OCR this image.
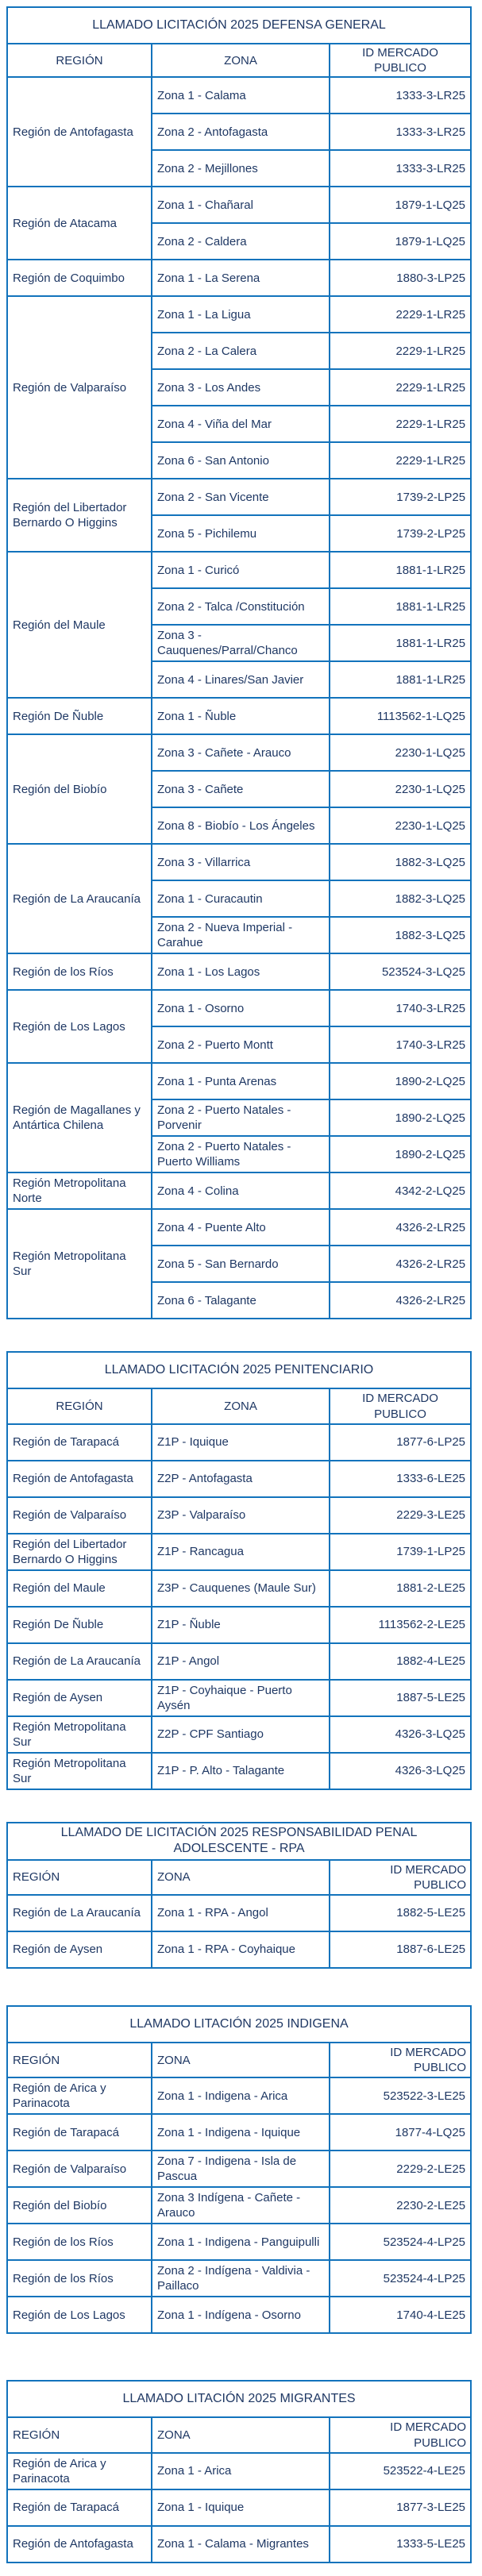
LLAMADO LICITACIÓN 2025 DEFENSA GENERAL		
REGIÓN	ZONA	ID MERCADO PUBLICO
Región de Antofagasta	Zona 1 - Calama	1333-3-LR25
	Zona 2 - Antofagasta	1333-3-LR25
	Zona 2 - Mejillones	1333-3-LR25
Región de Atacama	Zona 1 - Chañaral	1879-1-LQ25
	Zona 2 - Caldera	1879-1-LQ25
Región de Coquimbo	Zona 1 - La Serena	1880-3-LP25
Región de Valparaíso	Zona 1 - La Ligua	2229-1-LR25
	Zona 2 - La Calera	2229-1-LR25
	Zona 3 - Los Andes	2229-1-LR25
	Zona 4 - Viña del Mar	2229-1-LR25
	Zona 6 - San Antonio	2229-1-LR25
Región del Libertador Bernardo O Higgins	Zona 2 - San Vicente	1739-2-LP25
	Zona 5 - Pichilemu	1739-2-LP25
Región del Maule	Zona 1 - Curicó	1881-1-LR25
	Zona 2 - Talca /Constitución	1881-1-LR25
	Zona 3 - Cauquenes/Parral/Chanco	1881-1-LR25
	Zona 4 - Linares/San Javier	1881-1-LR25
Región De Ñuble	Zona 1 - Ñuble	1113562-1-LQ25
Región del Biobío	Zona 3 - Cañete - Arauco	2230-1-LQ25
	Zona 3 - Cañete	2230-1-LQ25
	Zona 8 - Biobío - Los Ángeles	2230-1-LQ25
Región de La Araucanía	Zona 3 - Villarrica	1882-3-LQ25
	Zona 1 - Curacautin	1882-3-LQ25
	Zona 2 - Nueva Imperial - Carahue	1882-3-LQ25
Región de los Ríos	Zona 1 - Los Lagos	523524-3-LQ25
Región de Los Lagos	Zona 1 - Osorno	1740-3-LR25
	Zona 2 - Puerto Montt	1740-3-LR25
Región de Magallanes y Antártica Chilena	Zona 1 - Punta Arenas	1890-2-LQ25
	Zona 2 - Puerto Natales - Porvenir	1890-2-LQ25
	Zona 2 - Puerto Natales - Puerto Williams	1890-2-LQ25
Región Metropolitana Norte	Zona 4 - Colina	4342-2-LQ25
Región Metropolitana Sur	Zona 4 - Puente Alto	4326-2-LR25
	Zona 5 - San Bernardo	4326-2-LR25
	Zona 6 - Talagante	4326-2-LR25
LLAMADO LICITACIÓN 2025 PENITENCIARIO		
REGIÓN	ZONA	ID MERCADO PUBLICO
Región de Tarapacá	Z1P - Iquique	1877-6-LP25
Región de Antofagasta	Z2P - Antofagasta	1333-6-LE25
Región de Valparaíso	Z3P - Valparaíso	2229-3-LE25
Región del Libertador Bernardo O Higgins	Z1P - Rancagua	1739-1-LP25
Región del Maule	Z3P - Cauquenes (Maule Sur)	1881-2-LE25
Región De Ñuble	Z1P - Ñuble	1113562-2-LE25
Región de La Araucanía	Z1P - Angol	1882-4-LE25
Región de Aysen	Z1P - Coyhaique - Puerto Aysén	1887-5-LE25
Región Metropolitana Sur	Z2P - CPF Santiago	4326-3-LQ25
Región Metropolitana Sur	Z1P - P. Alto - Talagante	4326-3-LQ25
LLAMADO DE LICITACIÓN 2025 RESPONSABILIDAD PENAL ADOLESCENTE - RPA		
REGIÓN	ZONA	ID MERCADO PUBLICO
Región de La Araucanía	Zona 1 - RPA - Angol	1882-5-LE25
Región de Aysen	Zona 1 - RPA - Coyhaique	1887-6-LE25
LLAMADO LITACIÓN 2025 INDIGENA		
REGIÓN	ZONA	ID MERCADO PUBLICO
Región de Arica y Parinacota	Zona 1 - Indigena - Arica	523522-3-LE25
Región de Tarapacá	Zona 1 - Indigena - Iquique	1877-4-LQ25
Región de Valparaíso	Zona 7 - Indigena - Isla de Pascua	2229-2-LE25
Región del Biobío	Zona 3 Indígena - Cañete - Arauco	2230-2-LE25
Región de los Ríos	Zona 1 - Indigena - Panguipulli	523524-4-LP25
Región de los Ríos	Zona 2 - Indígena - Valdivia - Paillaco	523524-4-LP25
Región de Los Lagos	Zona 1 - Indígena - Osorno	1740-4-LE25
LLAMADO LITACIÓN 2025 MIGRANTES		
REGIÓN	ZONA	ID MERCADO PUBLICO
Región de Arica y Parinacota	Zona 1 - Arica	523522-4-LE25
Región de Tarapacá	Zona 1 - Iquique	1877-3-LE25
Región de Antofagasta	Zona 1 - Calama - Migrantes	1333-5-LE25
